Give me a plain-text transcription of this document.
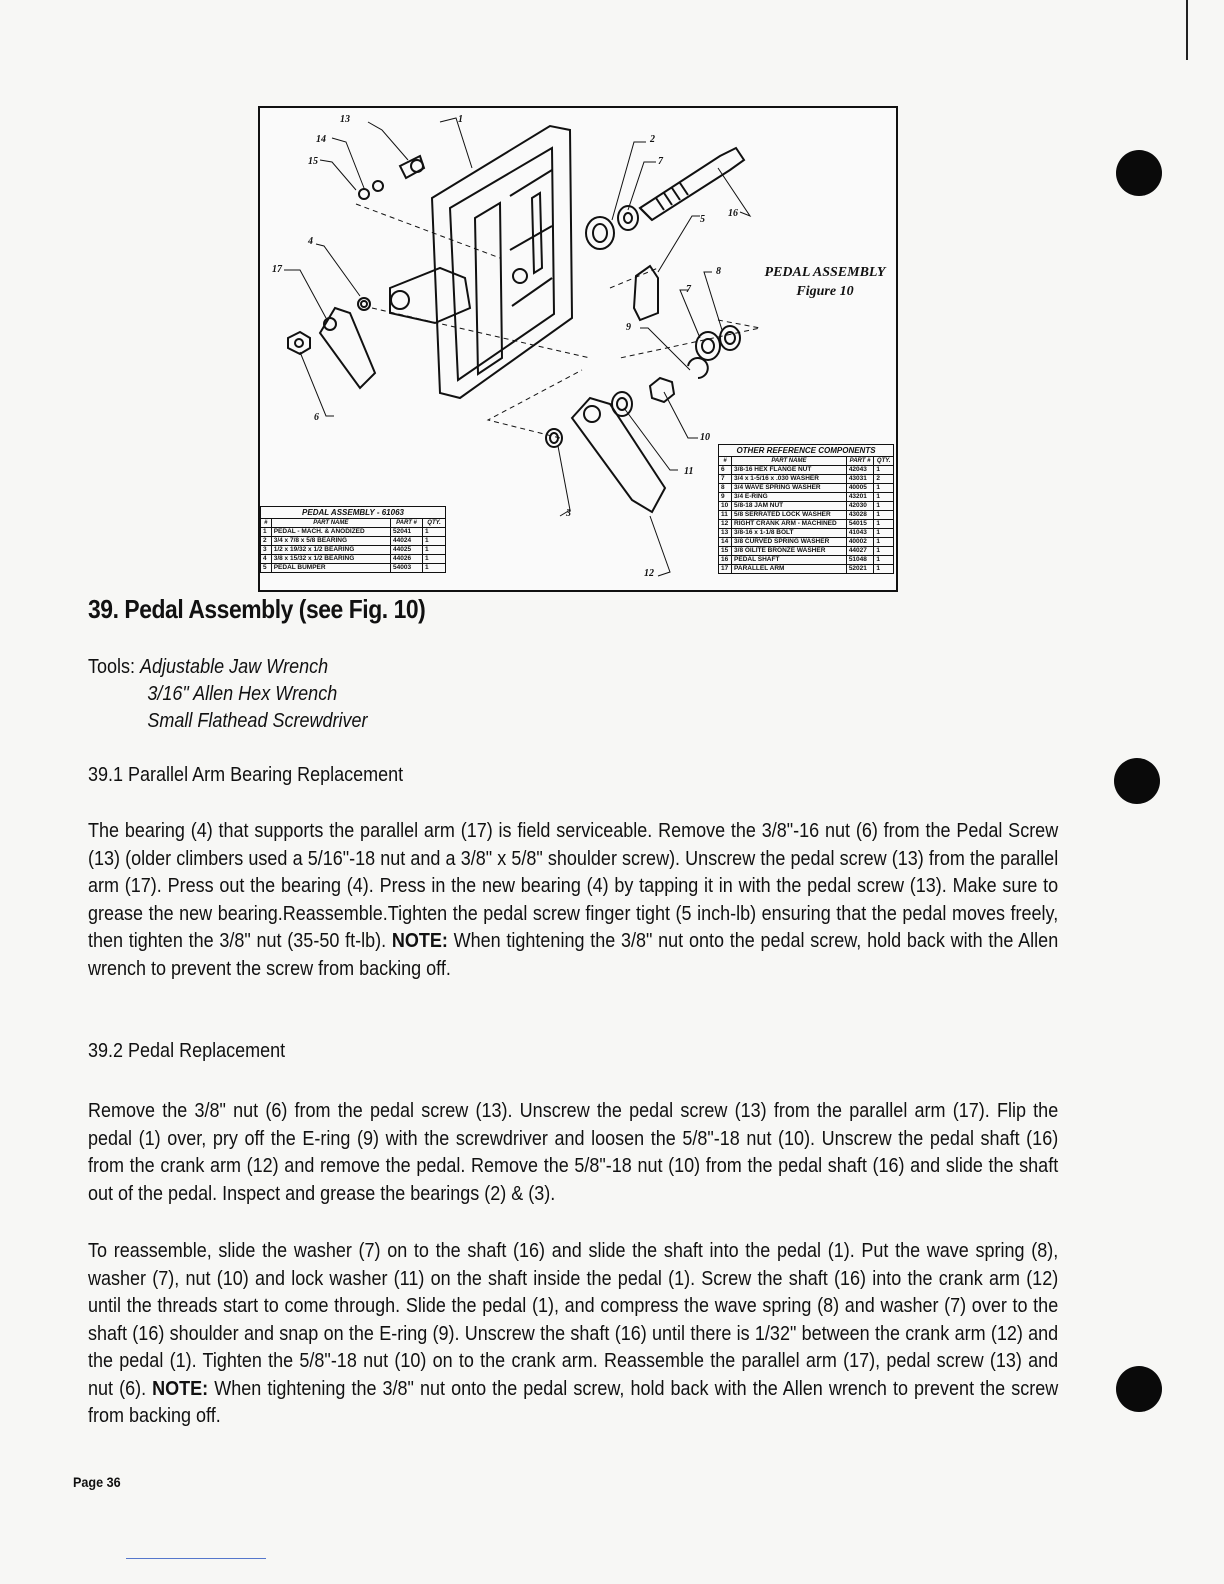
PEDAL ASSEMBLY
Figure 10
1
2
3
4
5
6
7
7
8
9
10
11
12
13
14
15
16
17
PEDAL ASSEMBLY - 61063			
#	PART NAME	PART #	QTY.
1	PEDAL - MACH. & ANODIZED	52041	1
2	3/4 x 7/8 x 5/8 BEARING	44024	1
3	1/2 x 19/32 x 1/2 BEARING	44025	1
4	3/8 x 15/32 x 1/2 BEARING	44026	1
5	PEDAL BUMPER	54003	1
OTHER REFERENCE COMPONENTS			
#	PART NAME	PART #	QTY.
6	3/8-16 HEX FLANGE NUT	42043	1
7	3/4 x 1-5/16 x .030 WASHER	43031	2
8	3/4 WAVE SPRING WASHER	40005	1
9	3/4 E-RING	43201	1
10	5/8-18 JAM NUT	42030	1
11	5/8 SERRATED LOCK WASHER	43028	1
12	RIGHT CRANK ARM - MACHINED	54015	1
13	3/8-16 x 1-1/8 BOLT	41043	1
14	3/8 CURVED SPRING WASHER	40002	1
15	3/8 OILITE BRONZE WASHER	44027	1
16	PEDAL SHAFT	51048	1
17	PARALLEL ARM	52021	1
39. Pedal Assembly (see Fig. 10)
Tools: Adjustable Jaw Wrench
3/16" Allen Hex Wrench
Small Flathead Screwdriver
39.1 Parallel Arm Bearing Replacement
The bearing (4) that supports the parallel arm (17) is field serviceable. Remove the 3/8"-16 nut (6) from the Pedal Screw (13) (older climbers used a 5/16"-18 nut and a 3/8" x 5/8" shoulder screw). Unscrew the pedal screw (13) from the parallel arm (17). Press out the bearing (4). Press in the new bearing (4) by tapping it in with the pedal screw (13). Make sure to grease the new bearing.Reassemble.Tighten the pedal screw finger tight (5 inch-lb) ensuring that the pedal moves freely, then tighten the 3/8" nut (35-50 ft-lb). NOTE: When tightening the 3/8" nut onto the pedal screw, hold back with the Allen wrench to prevent the screw from backing off.
39.2 Pedal Replacement
Remove the 3/8" nut (6) from the pedal screw (13). Unscrew the pedal screw (13) from the parallel arm (17). Flip the pedal (1) over, pry off the E-ring (9) with the screwdriver and loosen the 5/8"-18 nut (10). Unscrew the pedal shaft (16) from the crank arm (12) and remove the pedal. Remove the 5/8"-18 nut (10) from the pedal shaft (16) and slide the shaft out of the pedal. Inspect and grease the bearings (2) & (3).
To reassemble, slide the washer (7) on to the shaft (16) and slide the shaft into the pedal (1). Put the wave spring (8), washer (7), nut (10) and lock washer (11) on the shaft inside the pedal (1). Screw the shaft (16) into the crank arm (12) until the threads start to come through. Slide the pedal (1), and compress the wave spring (8) and washer (7) over to the shaft (16) shoulder and snap on the E-ring (9). Unscrew the shaft (16) until there is 1/32" between the crank arm (12) and the pedal (1). Tighten the 5/8"-18 nut (10) on to the crank arm. Reassemble the parallel arm (17), pedal screw (13) and nut (6). NOTE: When tightening the 3/8" nut onto the pedal screw, hold back with the Allen wrench to prevent the screw from backing off.
Page 36
